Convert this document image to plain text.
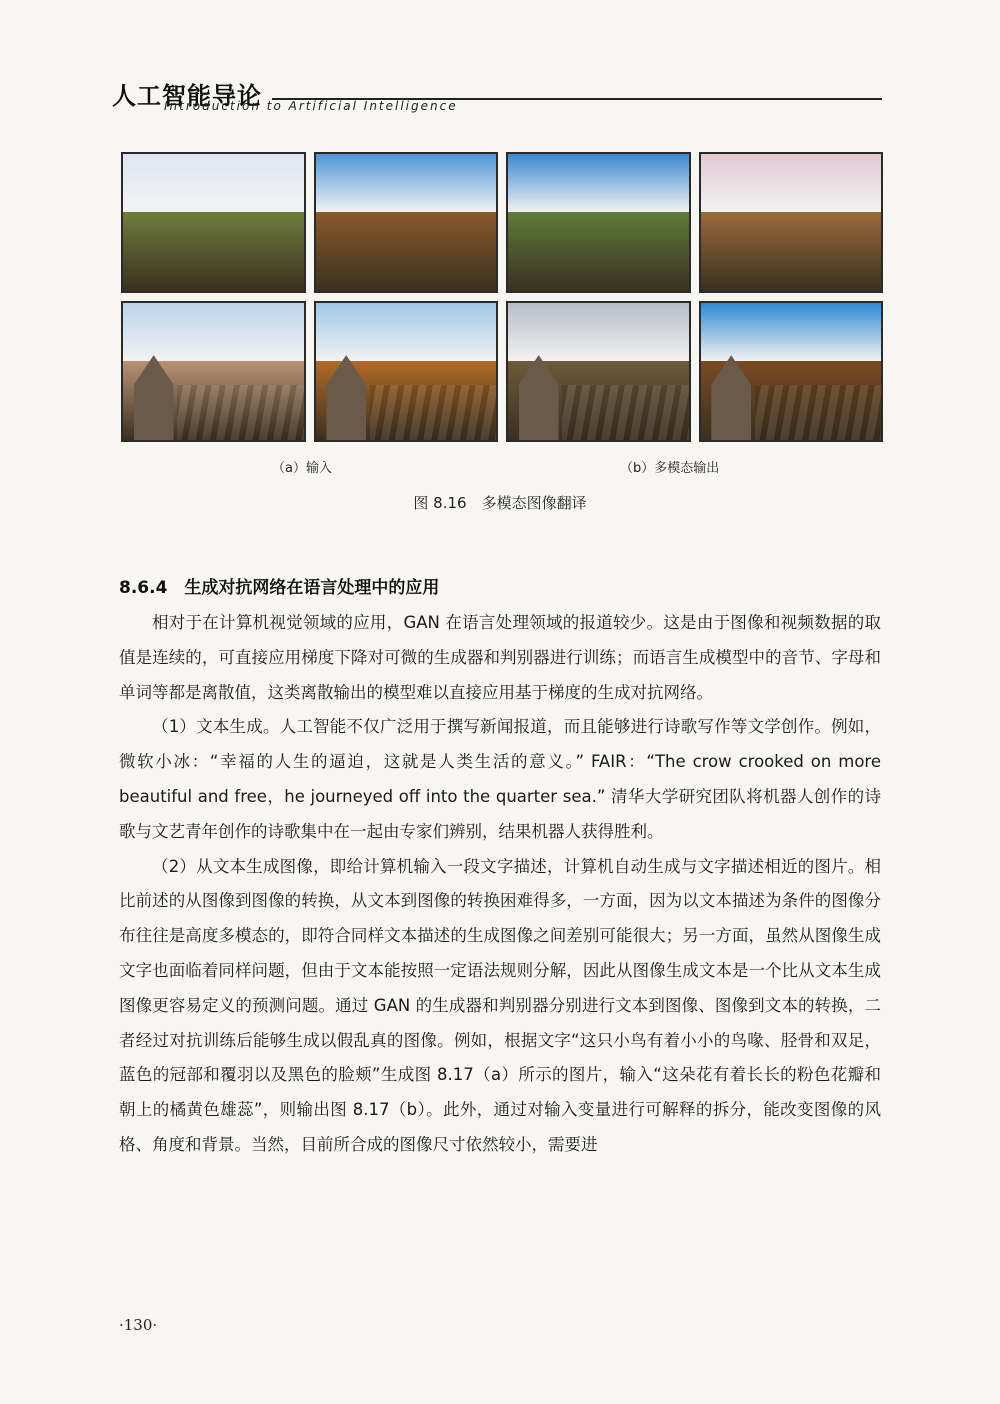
人工智能导论
Introduction to Artificial Intelligence
（a）输入	（b）多模态输出
图 8.16　多模态图像翻译
8.6.4　生成对抗网络在语言处理中的应用

相对于在计算机视觉领域的应用，GAN 在语言处理领域的报道较少。这是由于图像和视频数据的取值是连续的，可直接应用梯度下降对可微的生成器和判别器进行训练；而语言生成模型中的音节、字母和单词等都是离散值，这类离散输出的模型难以直接应用基于梯度的生成对抗网络。

（1）文本生成。人工智能不仅广泛用于撰写新闻报道，而且能够进行诗歌写作等文学创作。例如，微软小冰：“幸福的人生的逼迫，这就是人类生活的意义。” FAIR：“The crow crooked on more beautiful and free，he journeyed off into the quarter sea.” 清华大学研究团队将机器人创作的诗歌与文艺青年创作的诗歌集中在一起由专家们辨别，结果机器人获得胜利。

（2）从文本生成图像，即给计算机输入一段文字描述，计算机自动生成与文字描述相近的图片。相比前述的从图像到图像的转换，从文本到图像的转换困难得多，一方面，因为以文本描述为条件的图像分布往往是高度多模态的，即符合同样文本描述的生成图像之间差别可能很大；另一方面，虽然从图像生成文字也面临着同样问题，但由于文本能按照一定语法规则分解，因此从图像生成文本是一个比从文本生成图像更容易定义的预测问题。通过 GAN 的生成器和判别器分别进行文本到图像、图像到文本的转换，二者经过对抗训练后能够生成以假乱真的图像。例如，根据文字“这只小鸟有着小小的鸟喙、胫骨和双足，蓝色的冠部和覆羽以及黑色的脸颊”生成图 8.17（a）所示的图片，输入“这朵花有着长长的粉色花瓣和朝上的橘黄色雄蕊”，则输出图 8.17（b）。此外，通过对输入变量进行可解释的拆分，能改变图像的风格、角度和背景。当然，目前所合成的图像尺寸依然较小，需要进

·130·
